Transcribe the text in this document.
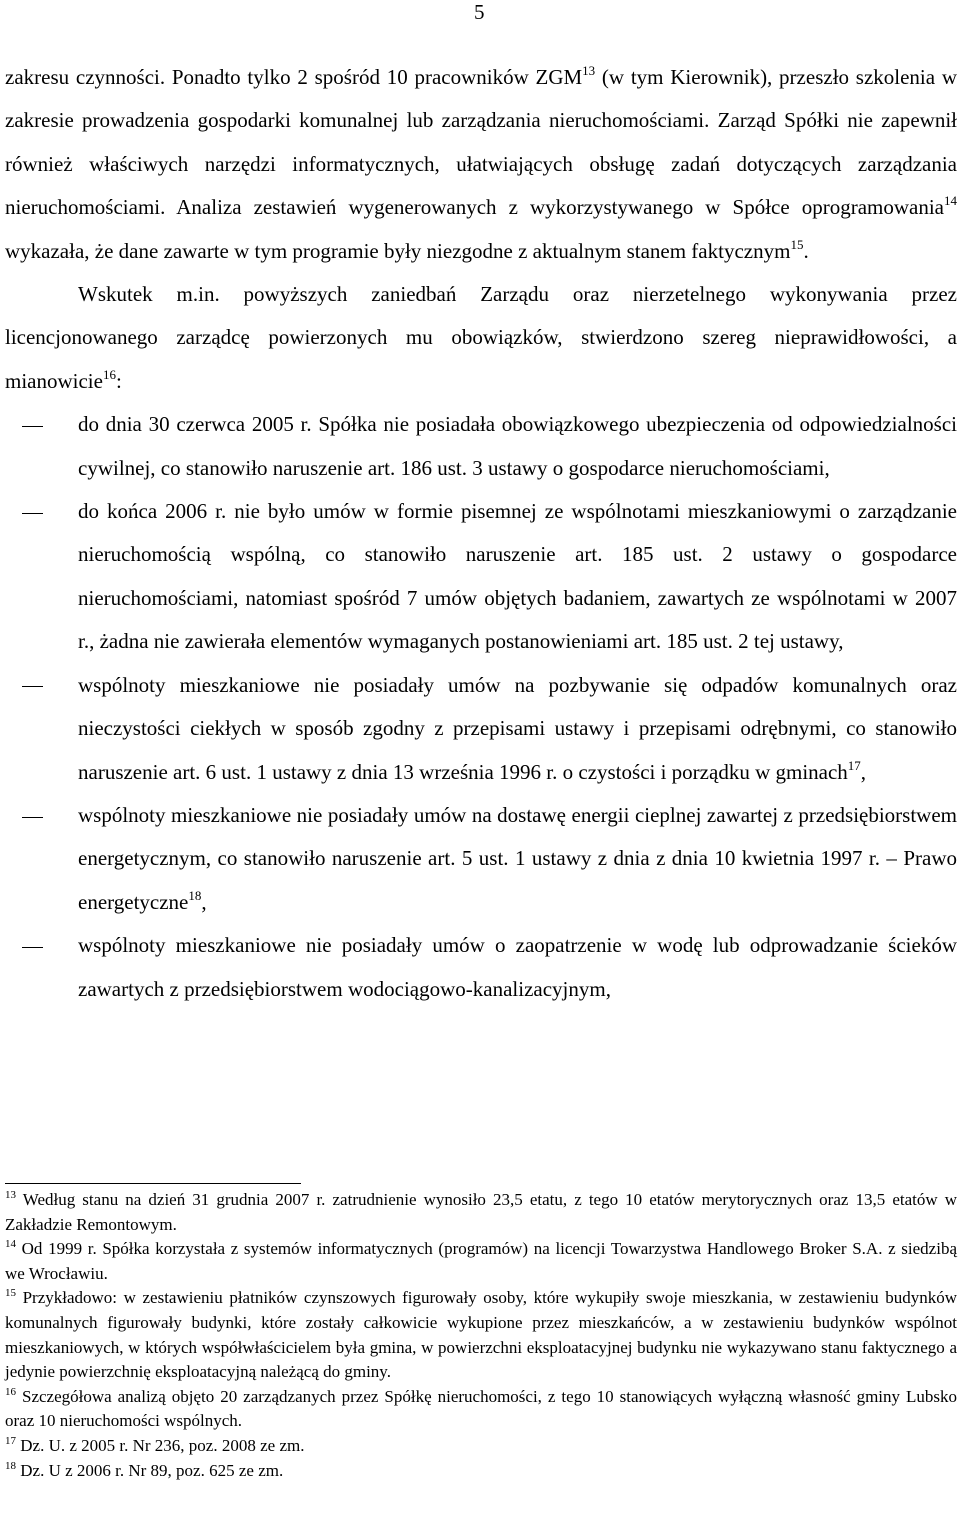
5

zakresu czynności. Ponadto tylko 2 spośród 10 pracowników ZGM$^{13}$ (w tym Kierownik), przeszło szkolenia w zakresie prowadzenia gospodarki komunalnej lub zarządzania nieruchomościami. Zarząd Spółki nie zapewnił również właściwych narzędzi informatycznych, ułatwiających obsługę zadań dotyczących zarządzania nieruchomościami. Analiza zestawień wygenerowanych z wykorzystywanego w Spółce oprogramowania$^{14}$ wykazała, że dane zawarte w tym programie były niezgodne z aktualnym stanem faktycznym$^{15}$.

Wskutek m.in. powyższych zaniedbań Zarządu oraz nierzetelnego wykonywania przez licencjonowanego zarządcę powierzonych mu obowiązków, stwierdzono szereg nieprawidłowości, a mianowicie$^{16}$:

do dnia 30 czerwca 2005 r. Spółka nie posiadała obowiązkowego ubezpieczenia od odpowiedzialności cywilnej, co stanowiło naruszenie art. 186 ust. 3 ustawy o gospodarce nieruchomościami,
do końca 2006 r. nie było umów w formie pisemnej ze wspólnotami mieszkaniowymi o zarządzanie nieruchomością wspólną, co stanowiło naruszenie art. 185 ust. 2 ustawy o gospodarce nieruchomościami, natomiast spośród 7 umów objętych badaniem, zawartych ze wspólnotami w 2007 r., żadna nie zawierała elementów wymaganych postanowieniami art. 185 ust. 2 tej ustawy,
wspólnoty mieszkaniowe nie posiadały umów na pozbywanie się odpadów komunalnych oraz nieczystości ciekłych w sposób zgodny z przepisami ustawy i przepisami odrębnymi, co stanowiło naruszenie art. 6 ust. 1 ustawy z dnia 13 września 1996 r. o czystości i porządku w gminach$^{17}$,
wspólnoty mieszkaniowe nie posiadały umów na dostawę energii cieplnej zawartej z przedsiębiorstwem energetycznym, co stanowiło naruszenie art. 5 ust. 1 ustawy z dnia z dnia 10 kwietnia 1997 r. – Prawo energetyczne$^{18}$,
wspólnoty mieszkaniowe nie posiadały umów o zaopatrzenie w wodę lub odprowadzanie ścieków zawartych z przedsiębiorstwem wodociągowo-kanalizacyjnym,

$^{13}$ Według stanu na dzień 31 grudnia 2007 r. zatrudnienie wynosiło 23,5 etatu, z tego 10 etatów merytorycznych oraz 13,5 etatów w Zakładzie Remontowym.

$^{14}$ Od 1999 r. Spółka korzystała z systemów informatycznych (programów) na licencji Towarzystwa Handlowego Broker S.A. z siedzibą we Wrocławiu.

$^{15}$ Przykładowo: w zestawieniu płatników czynszowych figurowały osoby, które wykupiły swoje mieszkania, w zestawieniu budynków komunalnych figurowały budynki, które zostały całkowicie wykupione przez mieszkańców, a w zestawieniu budynków wspólnot mieszkaniowych, w których współwłaścicielem była gmina, w powierzchni eksploatacyjnej budynku nie wykazywano stanu faktycznego a jedynie powierzchnię eksploatacyjną należącą do gminy.

$^{16}$ Szczegółowa analizą objęto 20 zarządzanych przez Spółkę nieruchomości, z tego 10 stanowiących wyłączną własność gminy Lubsko oraz 10 nieruchomości wspólnych.

$^{17}$ Dz. U. z 2005 r. Nr 236, poz. 2008 ze zm.

$^{18}$ Dz. U z 2006 r. Nr 89, poz. 625 ze zm.
